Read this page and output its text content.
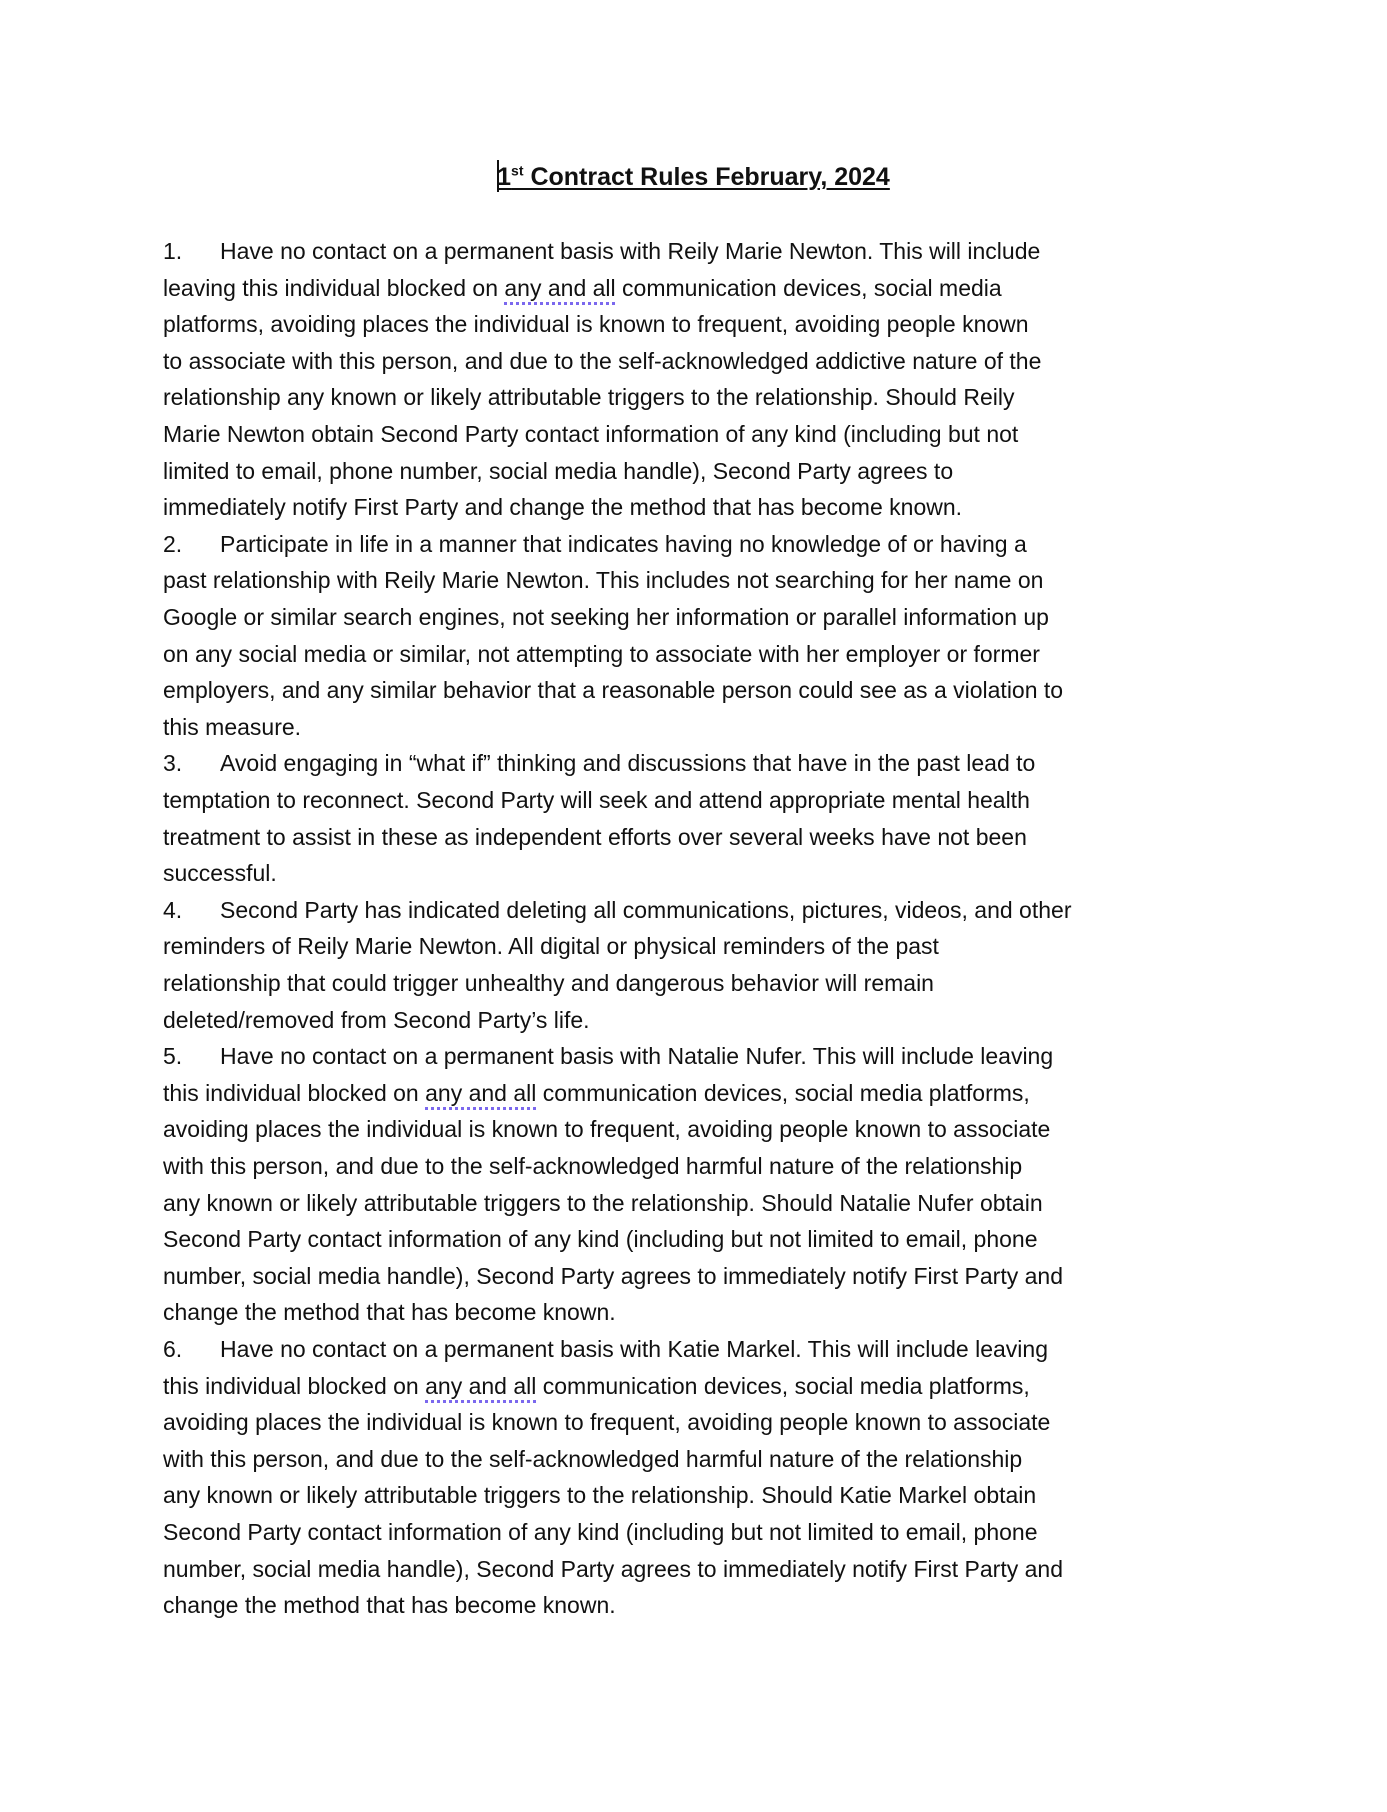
1st Contract Rules February, 2024
1. Have no contact on a permanent basis with Reily Marie Newton. This will include
leaving this individual blocked on any and all communication devices, social media
platforms, avoiding places the individual is known to frequent, avoiding people known
to associate with this person, and due to the self-acknowledged addictive nature of the
relationship any known or likely attributable triggers to the relationship. Should Reily
Marie Newton obtain Second Party contact information of any kind (including but not
limited to email, phone number, social media handle), Second Party agrees to
immediately notify First Party and change the method that has become known.
2. Participate in life in a manner that indicates having no knowledge of or having a
past relationship with Reily Marie Newton. This includes not searching for her name on
Google or similar search engines, not seeking her information or parallel information up
on any social media or similar, not attempting to associate with her employer or former
employers, and any similar behavior that a reasonable person could see as a violation to
this measure.
3. Avoid engaging in “what if” thinking and discussions that have in the past lead to
temptation to reconnect. Second Party will seek and attend appropriate mental health
treatment to assist in these as independent efforts over several weeks have not been
successful.
4. Second Party has indicated deleting all communications, pictures, videos, and other
reminders of Reily Marie Newton. All digital or physical reminders of the past
relationship that could trigger unhealthy and dangerous behavior will remain
deleted/removed from Second Party’s life.
5. Have no contact on a permanent basis with Natalie Nufer. This will include leaving
this individual blocked on any and all communication devices, social media platforms,
avoiding places the individual is known to frequent, avoiding people known to associate
with this person, and due to the self-acknowledged harmful nature of the relationship
any known or likely attributable triggers to the relationship. Should Natalie Nufer obtain
Second Party contact information of any kind (including but not limited to email, phone
number, social media handle), Second Party agrees to immediately notify First Party and
change the method that has become known.
6. Have no contact on a permanent basis with Katie Markel. This will include leaving
this individual blocked on any and all communication devices, social media platforms,
avoiding places the individual is known to frequent, avoiding people known to associate
with this person, and due to the self-acknowledged harmful nature of the relationship
any known or likely attributable triggers to the relationship. Should Katie Markel obtain
Second Party contact information of any kind (including but not limited to email, phone
number, social media handle), Second Party agrees to immediately notify First Party and
change the method that has become known.
